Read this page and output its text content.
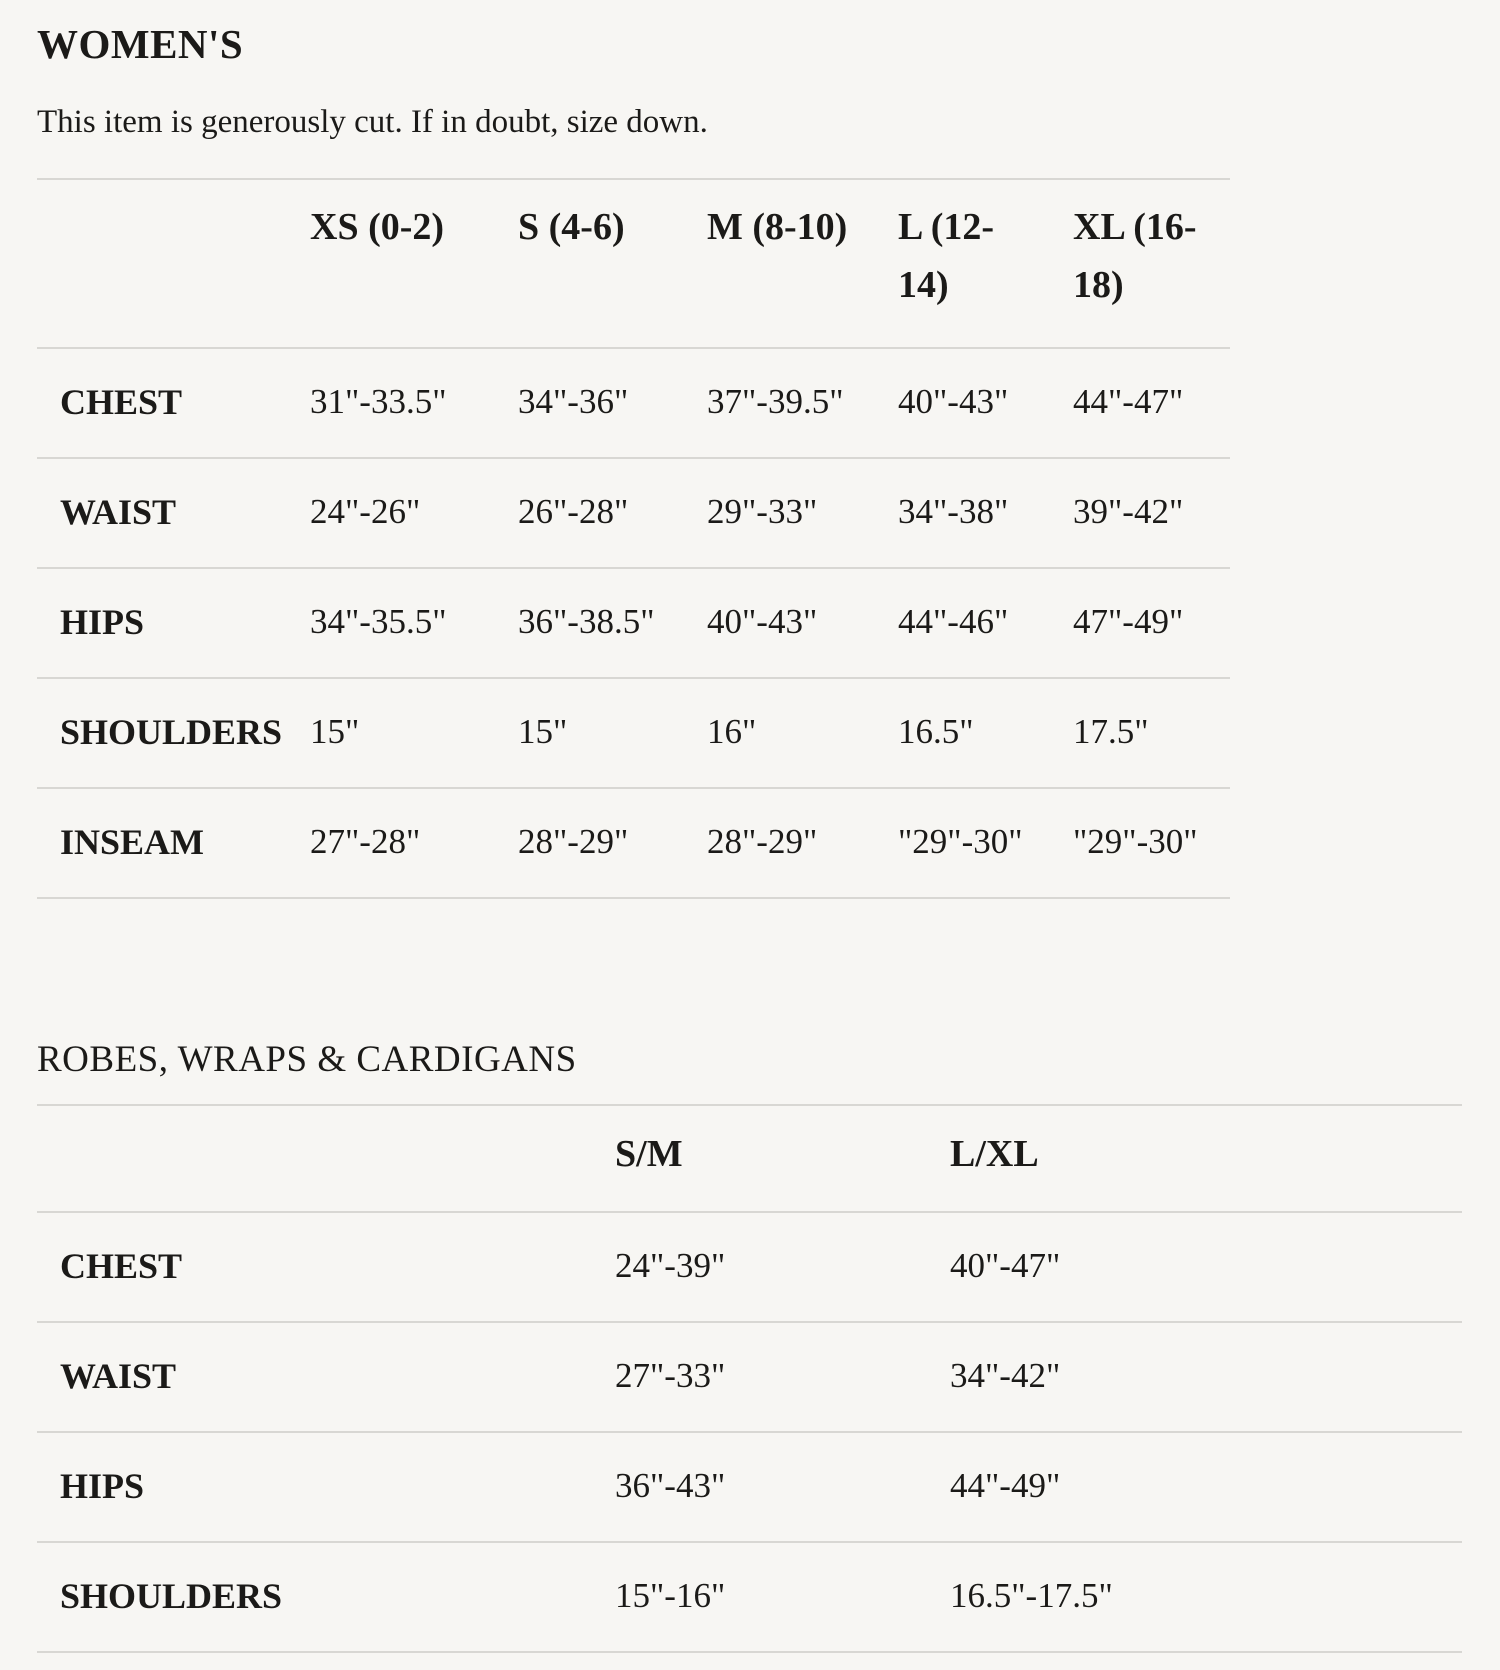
WOMEN'S

This item is generously cut. If in doubt, size down.

	XS (0-2)	S (4-6)	M (8-10)	L (12-14)	XL (16-18)
CHEST	31"-33.5"	34"-36"	37"-39.5"	40"-43"	44"-47"
WAIST	24"-26"	26"-28"	29"-33"	34"-38"	39"-42"
HIPS	34"-35.5"	36"-38.5"	40"-43"	44"-46"	47"-49"
SHOULDERS	15"	15"	16"	16.5"	17.5"
INSEAM	27"-28"	28"-29"	28"-29"	"29"-30"	"29"-30"
ROBES, WRAPS & CARDIGANS
	S/M	L/XL
CHEST	24"-39"	40"-47"
WAIST	27"-33"	34"-42"
HIPS	36"-43"	44"-49"
SHOULDERS	15"-16"	16.5"-17.5"
